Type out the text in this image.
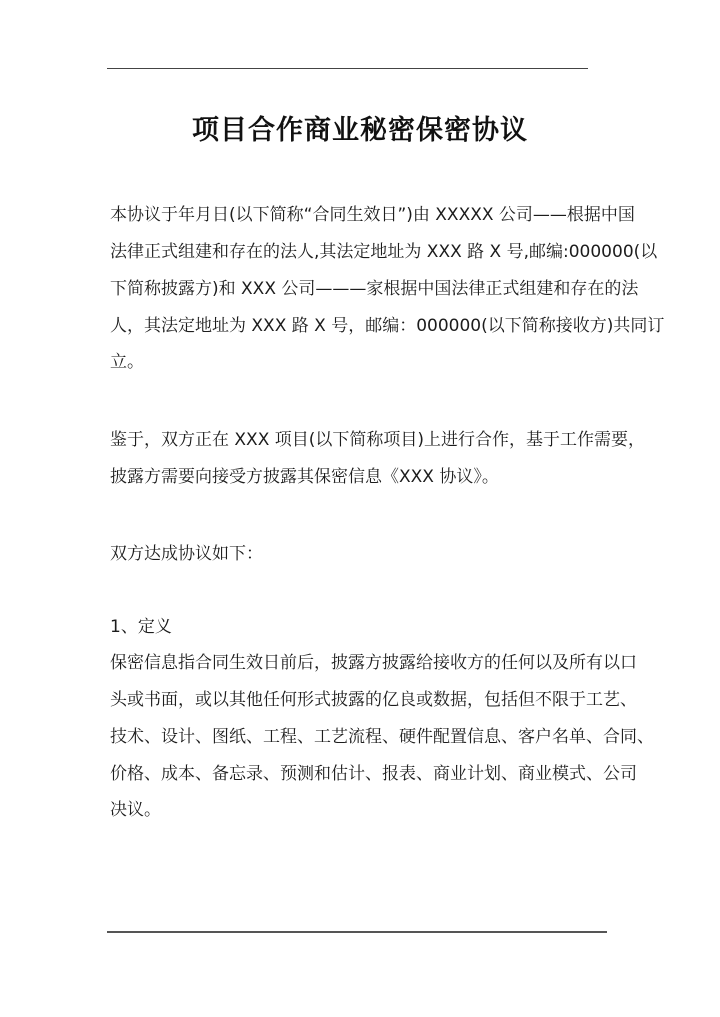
项目合作商业秘密保密协议
本协议于年月日(以下简称“合同生效日”)由 XXXXX 公司——根据中国
法律正式组建和存在的法人,其法定地址为 XXX 路 X 号,邮编:000000(以
下简称披露方)和 XXX 公司———家根据中国法律正式组建和存在的法
人，其法定地址为 XXX 路 X 号，邮编：000000(以下简称接收方)共同订
立。
鉴于，双方正在 XXX 项目(以下简称项目)上进行合作，基于工作需要，
披露方需要向接受方披露其保密信息《XXX 协议》。
双方达成协议如下：
1、定义
保密信息指合同生效日前后，披露方披露给接收方的任何以及所有以口
头或书面，或以其他任何形式披露的亿良或数据，包括但不限于工艺、
技术、设计、图纸、工程、工艺流程、硬件配置信息、客户名单、合同、
价格、成本、备忘录、预测和估计、报表、商业计划、商业模式、公司
决议。
